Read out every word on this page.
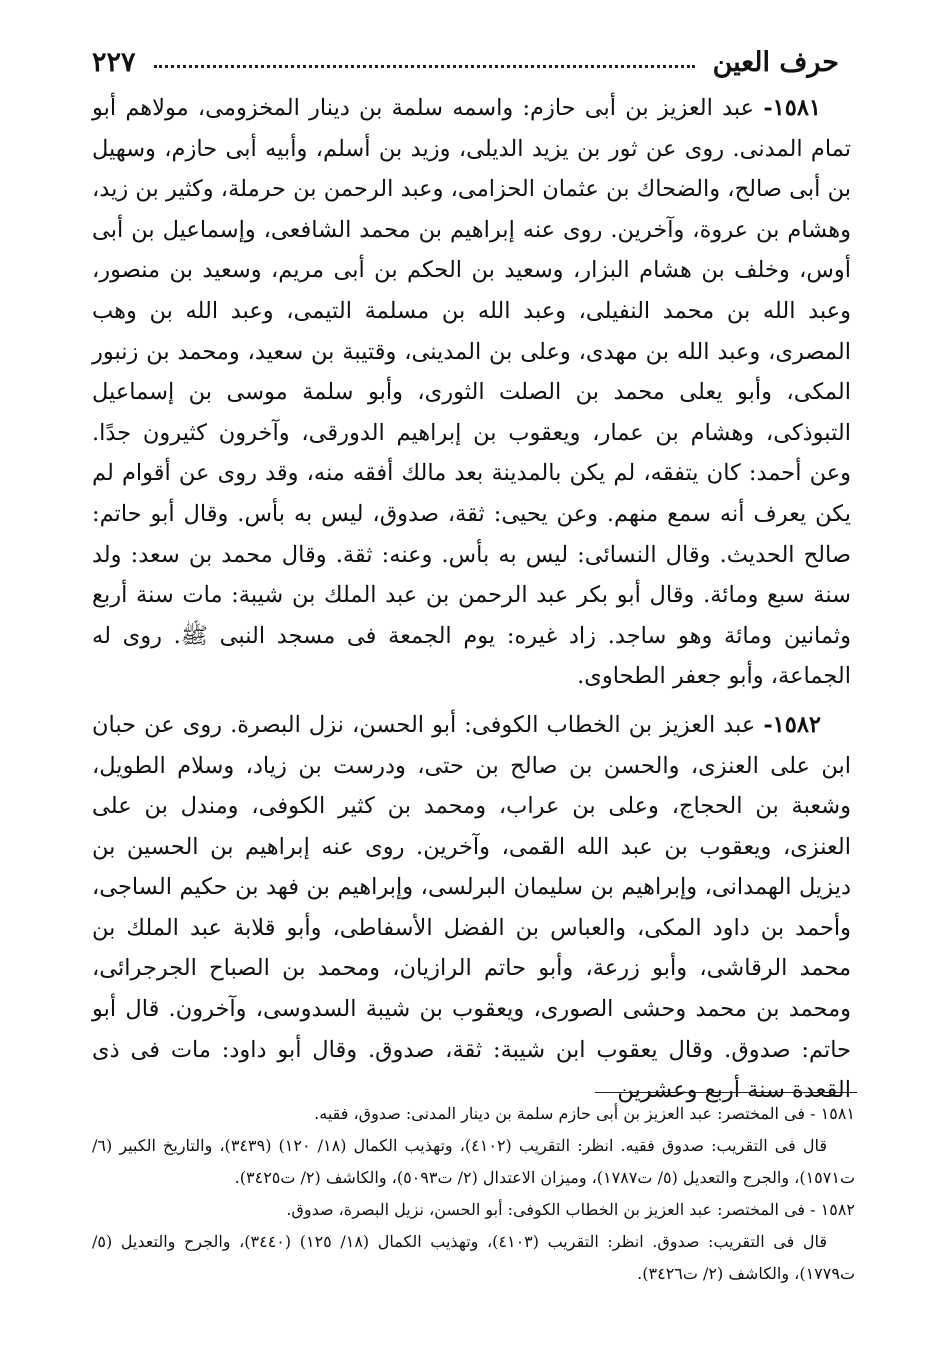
حرف العين
٢٢٧

١٥٨١- عبد العزيز بن أبى حازم: واسمه سلمة بن دينار المخزومى، مولاهم أبو تمام المدنى. روى عن ثور بن يزيد الديلى، وزيد بن أسلم، وأبيه أبى حازم، وسهيل بن أبى صالح، والضحاك بن عثمان الحزامى، وعبد الرحمن بن حرملة، وكثير بن زيد، وهشام بن عروة، وآخرين. روى عنه إبراهيم بن محمد الشافعى، وإسماعيل بن أبى أوس، وخلف بن هشام البزار، وسعيد بن الحكم بن أبى مريم، وسعيد بن منصور، وعبد الله بن محمد النفيلى، وعبد الله بن مسلمة التيمى، وعبد الله بن وهب المصرى، وعبد الله بن مهدى، وعلى بن المدينى، وقتيبة بن سعيد، ومحمد بن زنبور المكى، وأبو يعلى محمد بن الصلت الثورى، وأبو سلمة موسى بن إسماعيل التبوذكى، وهشام بن عمار، ويعقوب بن إبراهيم الدورقى، وآخرون كثيرون جدًا. وعن أحمد: كان يتفقه، لم يكن بالمدينة بعد مالك أفقه منه، وقد روى عن أقوام لم يكن يعرف أنه سمع منهم. وعن يحيى: ثقة، صدوق، ليس به بأس. وقال أبو حاتم: صالح الحديث. وقال النسائى: ليس به بأس. وعنه: ثقة. وقال محمد بن سعد: ولد سنة سبع ومائة. وقال أبو بكر عبد الرحمن بن عبد الملك بن شيبة: مات سنة أربع وثمانين ومائة وهو ساجد. زاد غيره: يوم الجمعة فى مسجد النبى ﷺ. روى له الجماعة، وأبو جعفر الطحاوى.

١٥٨٢- عبد العزيز بن الخطاب الكوفى: أبو الحسن، نزل البصرة. روى عن حبان ابن على العنزى، والحسن بن صالح بن حتى، ودرست بن زياد، وسلام الطويل، وشعبة بن الحجاج، وعلى بن عراب، ومحمد بن كثير الكوفى، ومندل بن على العنزى، ويعقوب بن عبد الله القمى، وآخرين. روى عنه إبراهيم بن الحسين بن ديزيل الهمدانى، وإبراهيم بن سليمان البرلسى، وإبراهيم بن فهد بن حكيم الساجى، وأحمد بن داود المكى، والعباس بن الفضل الأسفاطى، وأبو قلابة عبد الملك بن محمد الرقاشى، وأبو زرعة، وأبو حاتم الرازيان، ومحمد بن الصباح الجرجرائى، ومحمد بن محمد وحشى الصورى، ويعقوب بن شيبة السدوسى، وآخرون. قال أبو حاتم: صدوق. وقال يعقوب ابن شيبة: ثقة، صدوق. وقال أبو داود: مات فى ذى القعدة سنة أربع وعشرين

١٥٨١ - فى المختصر: عبد العزيز بن أبى حازم سلمة بن دينار المدنى: صدوق، فقيه.

قال فى التقريب: صدوق فقيه. انظر: التقريب (٤١٠٢)، وتهذيب الكمال (١٨/ ١٢٠) (٣٤٣٩)، والتاريخ الكبير (٦/ ت١٥٧١)، والجرح والتعديل (٥/ ت١٧٨٧)، وميزان الاعتدال (٢/ ت٥٠٩٣)، والكاشف (٢/ ت٣٤٢٥).

١٥٨٢ - فى المختصر: عبد العزيز بن الخطاب الكوفى: أبو الحسن، نزيل البصرة، صدوق.

قال فى التقريب: صدوق. انظر: التقريب (٤١٠٣)، وتهذيب الكمال (١٨/ ١٢٥) (٣٤٤٠)، والجرح والتعديل (٥/ ت١٧٧٩)، والكاشف (٢/ ت٣٤٢٦).
